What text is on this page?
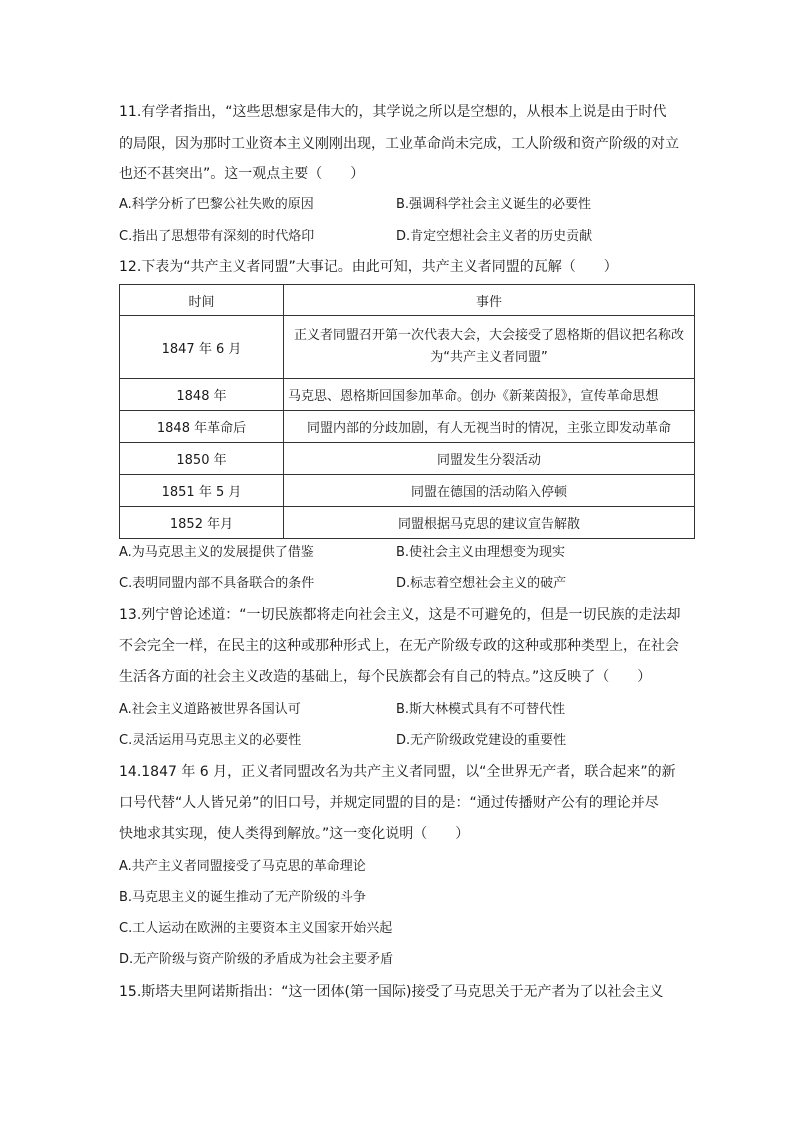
11.有学者指出，“这些思想家是伟大的，其学说之所以是空想的，从根本上说是由于时代
的局限，因为那时工业资本主义刚刚出现，工业革命尚未完成，工人阶级和资产阶级的对立
也还不甚突出”。这一观点主要（　　）
A.科学分析了巴黎公社失败的原因	B.强调科学社会主义诞生的必要性
C.指出了思想带有深刻的时代烙印	D.肯定空想社会主义者的历史贡献
12.下表为“共产主义者同盟”大事记。由此可知，共产主义者同盟的瓦解（　　）
时间	事件
1847 年 6 月	正义者同盟召开第一次代表大会，大会接受了恩格斯的倡议把名称改为“共产主义者同盟”
1848 年	马克思、恩格斯回国参加革命。创办《新莱茵报》，宣传革命思想
1848 年革命后	同盟内部的分歧加剧，有人无视当时的情况，主张立即发动革命
1850 年	同盟发生分裂活动
1851 年 5 月	同盟在德国的活动陷入停顿
1852 年月	同盟根据马克思的建议宣告解散
A.为马克思主义的发展提供了借鉴	B.使社会主义由理想变为现实
C.表明同盟内部不具备联合的条件	D.标志着空想社会主义的破产
13.列宁曾论述道：“一切民族都将走向社会主义，这是不可避免的，但是一切民族的走法却
不会完全一样，在民主的这种或那种形式上，在无产阶级专政的这种或那种类型上，在社会
生活各方面的社会主义改造的基础上，每个民族都会有自己的特点。”这反映了（　　）
A.社会主义道路被世界各国认可	B.斯大林模式具有不可替代性
C.灵活运用马克思主义的必要性	D.无产阶级政党建设的重要性
14.1847 年 6 月，正义者同盟改名为共产主义者同盟，以“全世界无产者，联合起来”的新
口号代替“人人皆兄弟”的旧口号，并规定同盟的目的是：“通过传播财产公有的理论并尽
快地求其实现，使人类得到解放。”这一变化说明（　　）
A.共产主义者同盟接受了马克思的革命理论
B.马克思主义的诞生推动了无产阶级的斗争
C.工人运动在欧洲的主要资本主义国家开始兴起
D.无产阶级与资产阶级的矛盾成为社会主要矛盾
15.斯塔夫里阿诺斯指出：“这一团体(第一国际)接受了马克思关于无产者为了以社会主义
